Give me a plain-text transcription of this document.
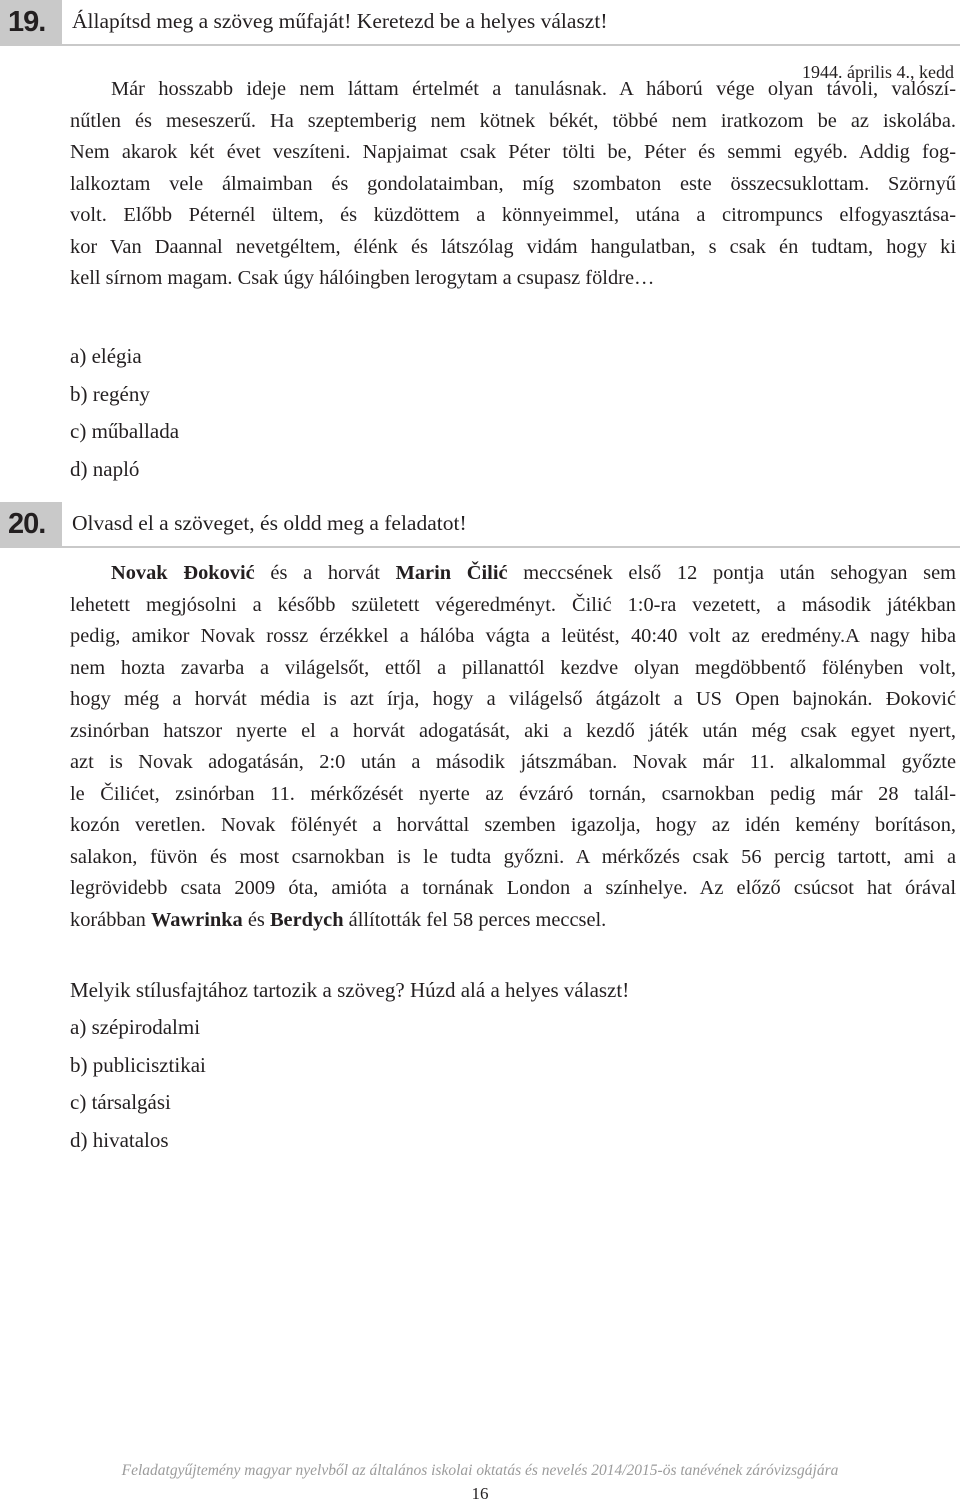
19. Állapítsd meg a szöveg műfaját! Keretezd be a helyes választ!
1944. április 4., kedd
Már hosszabb ideje nem láttam értelmét a tanulásnak. A háború vége olyan távoli, valószí-
nűtlen és meseszerű. Ha szeptemberig nem kötnek békét, többé nem iratkozom be az iskolába.
Nem akarok két évet veszíteni. Napjaimat csak Péter tölti be, Péter és semmi egyéb. Addig fog-
lalkoztam vele álmaimban és gondolataimban, míg szombaton este összecsuklottam. Szörnyű
volt. Előbb Péternél ültem, és küzdöttem a könnyeimmel, utána a citrompuncs elfogyasztása-
kor Van Daannal nevetgéltem, élénk és látszólag vidám hangulatban, s csak én tudtam, hogy ki
kell sírnom magam. Csak úgy hálóingben lerogytam a csupasz földre…
a) elégia
b) regény
c) műballada
d) napló
20. Olvasd el a szöveget, és oldd meg a feladatot!
Novak Đoković és a horvát Marin Čilić meccsének első 12 pontja után sehogyan sem
lehetett megjósolni a később született végeredményt. Čilić 1:0-ra vezetett, a második játékban
pedig, amikor Novak rossz érzékkel a hálóba vágta a leütést, 40:40 volt az eredmény.A nagy hiba
nem hozta zavarba a világelsőt, ettől a pillanattól kezdve olyan megdöbbentő fölényben volt,
hogy még a horvát média is azt írja, hogy a világelső átgázolt a US Open bajnokán. Đoković
zsinórban hatszor nyerte el a horvát adogatását, aki a kezdő játék után még csak egyet nyert,
azt is Novak adogatásán, 2:0 után a második játszmában. Novak már 11. alkalommal győzte
le Čilićet, zsinórban 11. mérkőzését nyerte az évzáró tornán, csarnokban pedig már 28 talál-
kozón veretlen. Novak fölényét a horváttal szemben igazolja, hogy az idén kemény borításon,
salakon, füvön és most csarnokban is le tudta győzni. A mérkőzés csak 56 percig tartott, ami a
legrövidebb csata 2009 óta, amióta a tornának London a színhelye. Az előző csúcsot hat órával
korábban Wawrinka és Berdych állították fel 58 perces meccsel.
Melyik stílusfajtához tartozik a szöveg? Húzd alá a helyes választ!
a) szépirodalmi
b) publicisztikai
c) társalgási
d) hivatalos
Feladatgyűjtemény magyar nyelvből az általános iskolai oktatás és nevelés 2014/2015-ös tanévének záróvizsgájára
16
